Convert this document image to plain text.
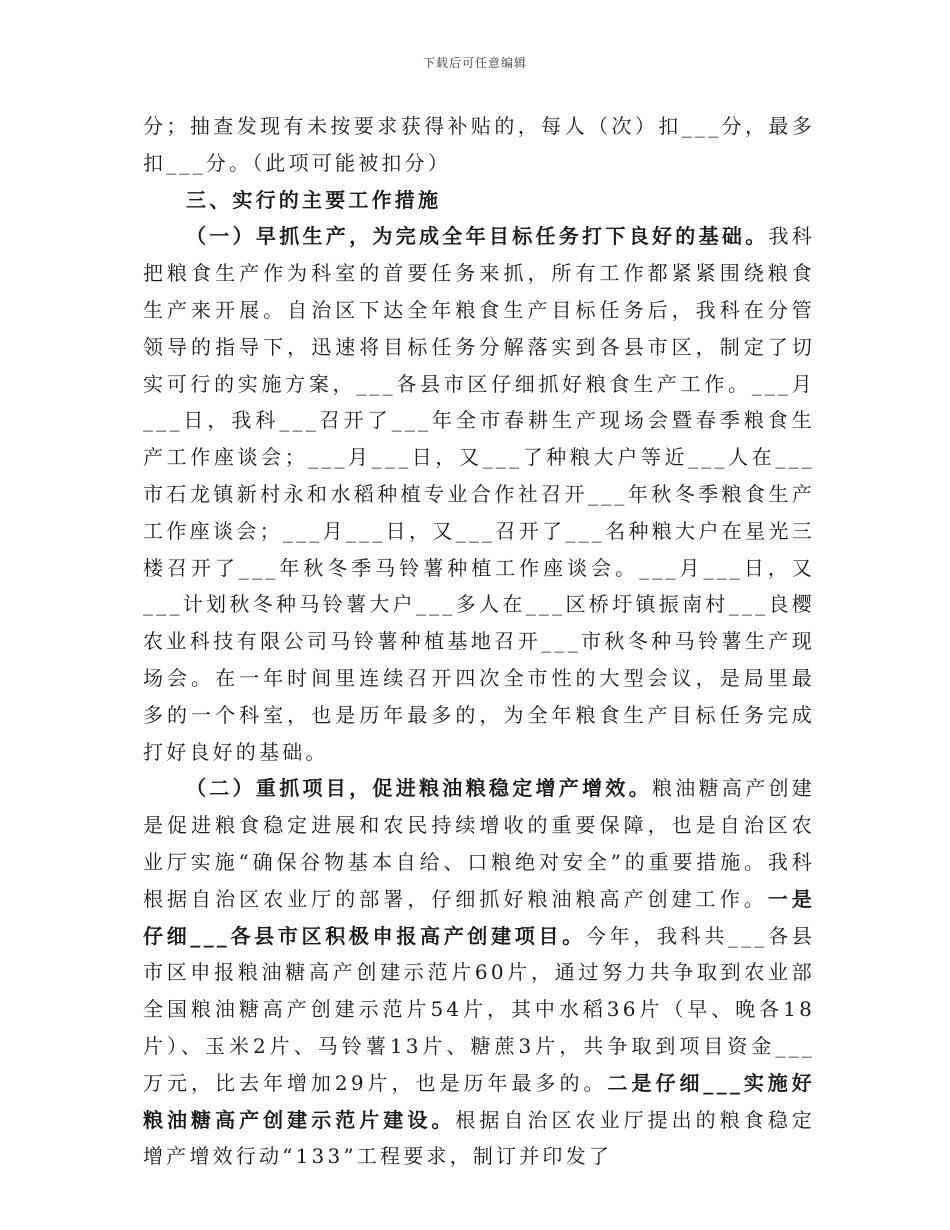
下载后可任意编辑

分；抽查发现有未按要求获得补贴的，每人（次）扣___分，最多扣___分。（此项可能被扣分）

三、实行的主要工作措施

（一）早抓生产，为完成全年目标任务打下良好的基础。我科把粮食生产作为科室的首要任务来抓，所有工作都紧紧围绕粮食生产来开展。自治区下达全年粮食生产目标任务后，我科在分管领导的指导下，迅速将目标任务分解落实到各县市区，制定了切实可行的实施方案，___各县市区仔细抓好粮食生产工作。___月___日，我科___召开了___年全市春耕生产现场会暨春季粮食生产工作座谈会；___月___日，又___了种粮大户等近___人在___市石龙镇新村永和水稻种植专业合作社召开___年秋冬季粮食生产工作座谈会；___月___日，又___召开了___名种粮大户在星光三楼召开了___年秋冬季马铃薯种植工作座谈会。___月___日，又___计划秋冬种马铃薯大户___多人在___区桥圩镇振南村___良樱农业科技有限公司马铃薯种植基地召开___市秋冬种马铃薯生产现场会。在一年时间里连续召开四次全市性的大型会议，是局里最多的一个科室，也是历年最多的，为全年粮食生产目标任务完成打好良好的基础。

（二）重抓项目，促进粮油粮稳定增产增效。粮油糖高产创建是促进粮食稳定进展和农民持续增收的重要保障，也是自治区农业厅实施“确保谷物基本自给、口粮绝对安全”的重要措施。我科根据自治区农业厅的部署，仔细抓好粮油粮高产创建工作。一是仔细___各县市区积极申报高产创建项目。今年，我科共___各县市区申报粮油糖高产创建示范片60片，通过努力共争取到农业部全国粮油糖高产创建示范片54片，其中水稻36片（早、晚各18片）、玉米2片、马铃薯13片、糖蔗3片，共争取到项目资金___万元，比去年增加29片，也是历年最多的。二是仔细___实施好粮油糖高产创建示范片建设。根据自治区农业厅提出的粮食稳定增产增效行动“133”工程要求，制订并印发了
